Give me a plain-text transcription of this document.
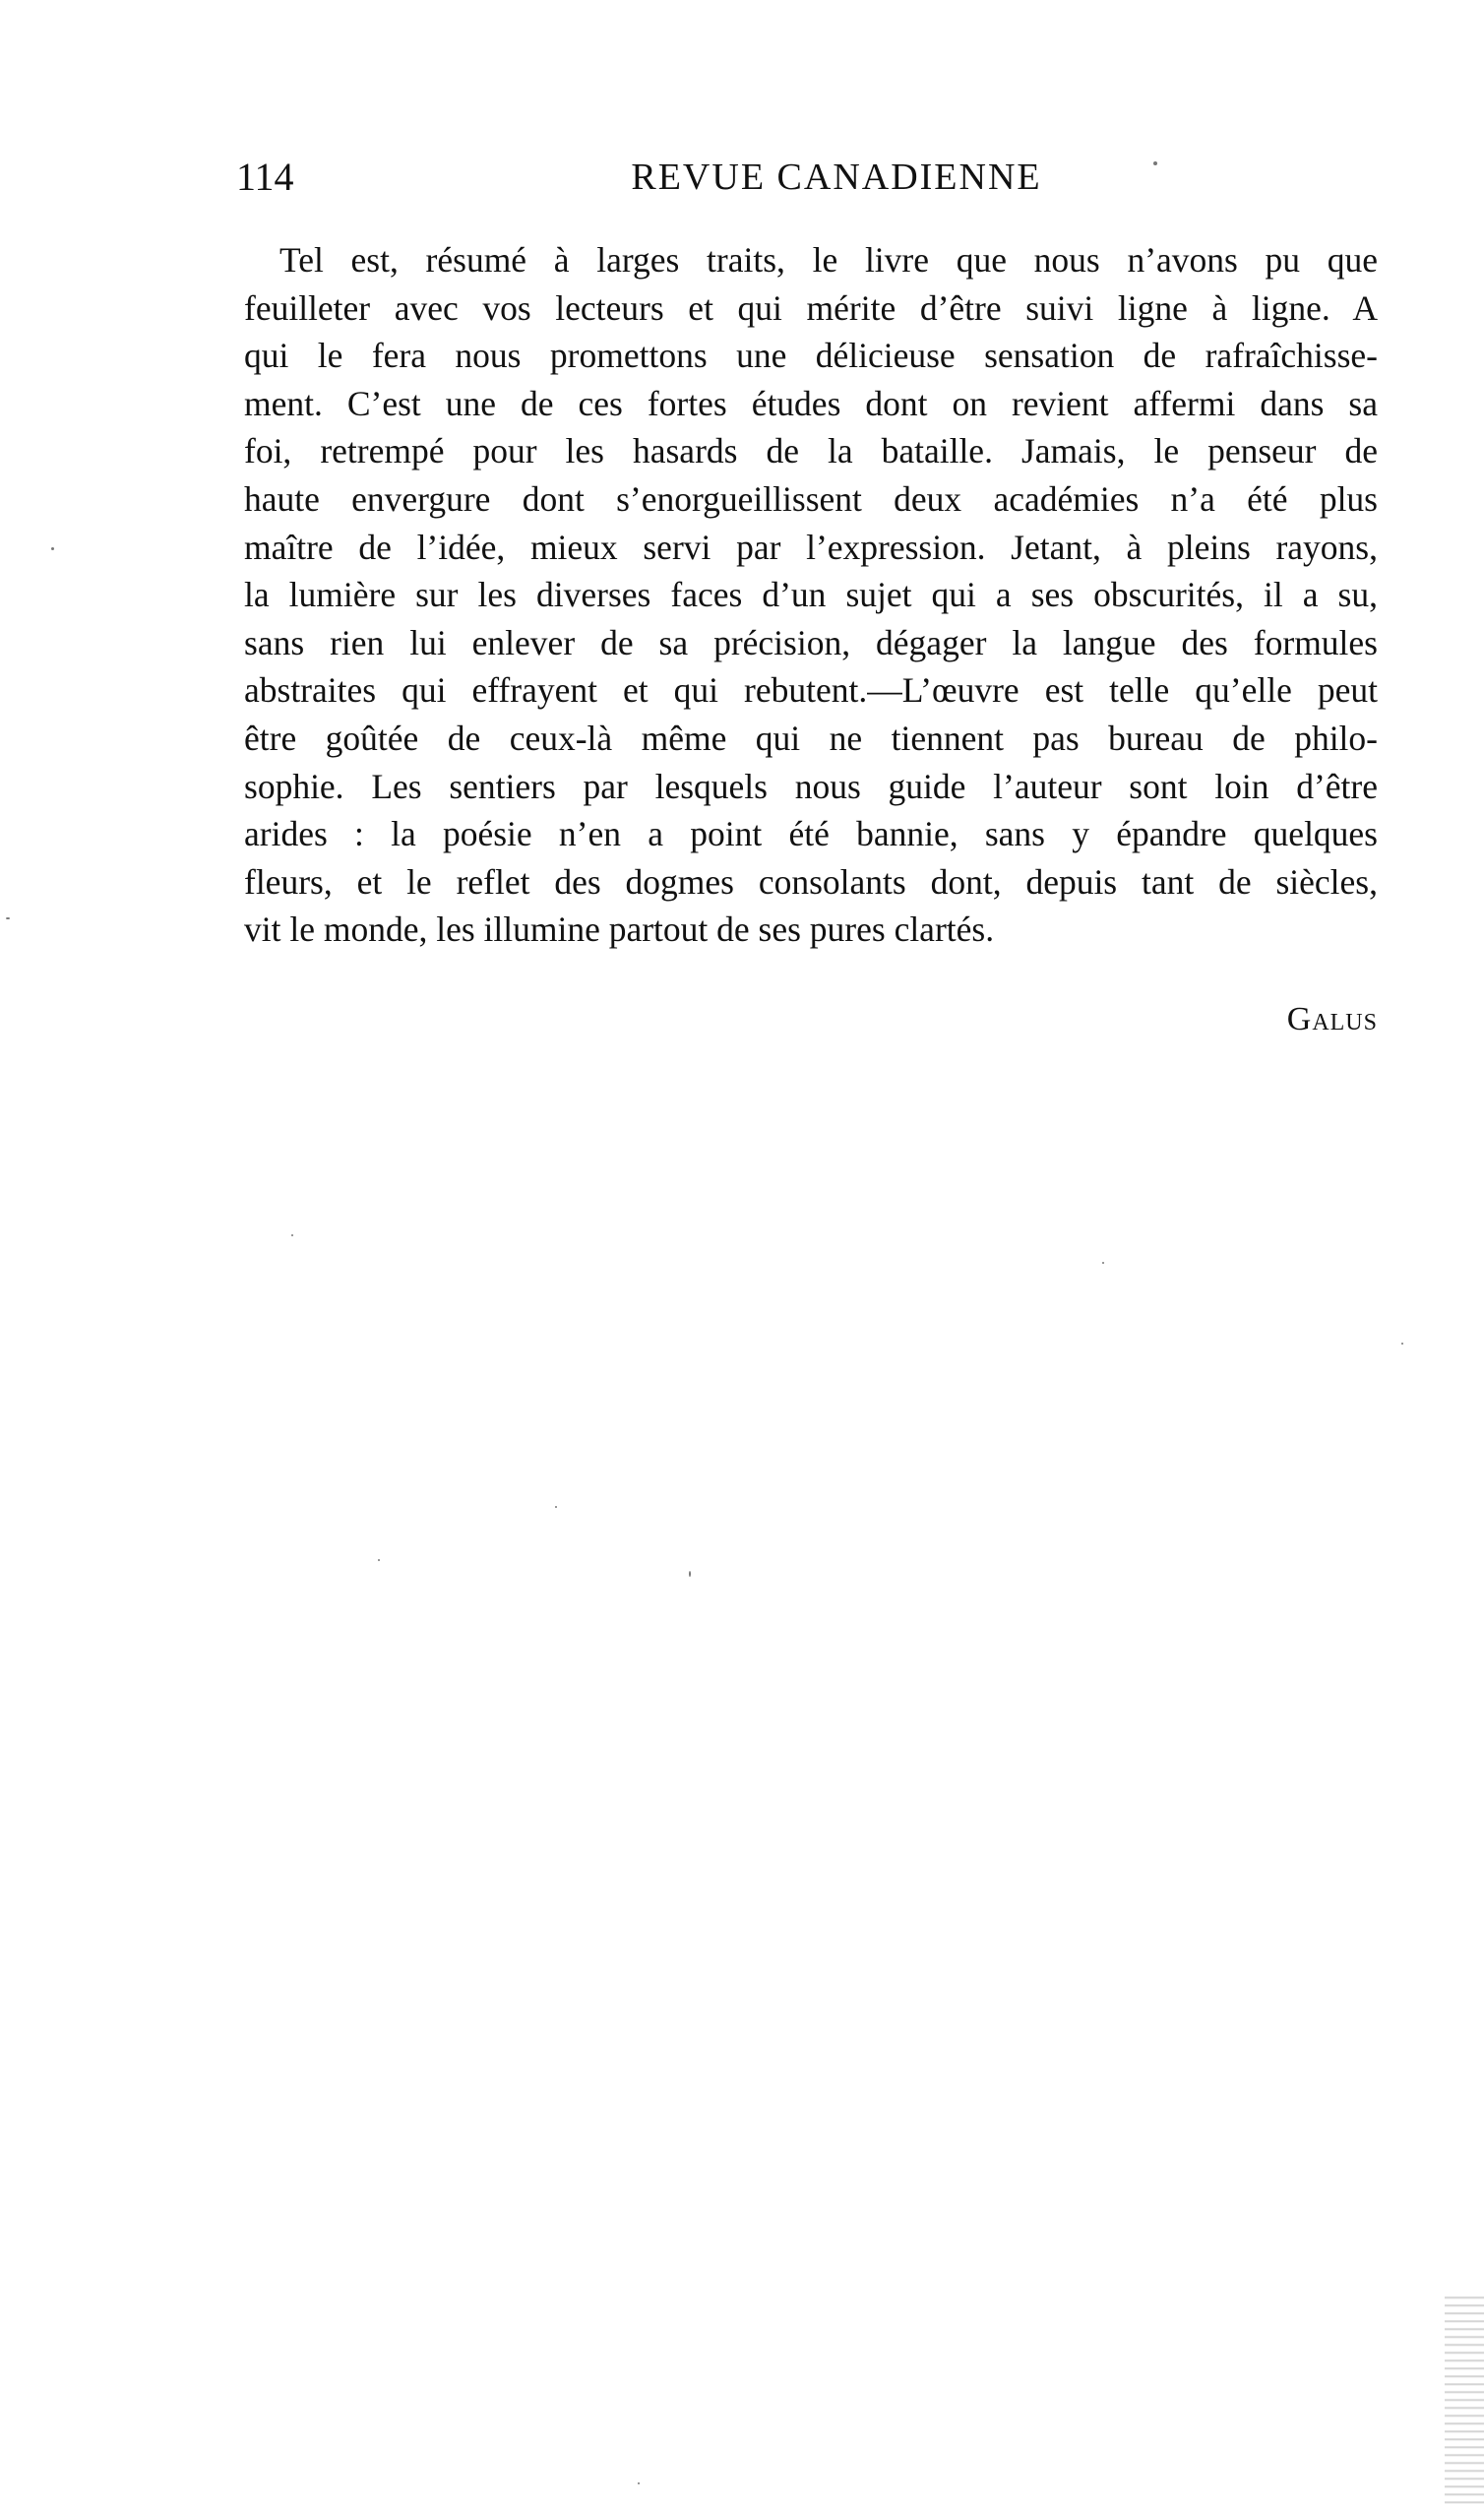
114	REVUE CANADIENNE
Tel est, résumé à larges traits, le livre que nous n’avons pu que
feuilleter avec vos lecteurs et qui mérite d’être suivi ligne à ligne. A
qui le fera nous promettons une délicieuse sensation de rafraîchisse-
ment. C’est une de ces fortes études dont on revient affermi dans sa
foi, retrempé pour les hasards de la bataille. Jamais, le penseur de
haute envergure dont s’enorgueillissent deux académies n’a été plus
maître de l’idée, mieux servi par l’expression. Jetant, à pleins rayons,
la lumière sur les diverses faces d’un sujet qui a ses obscurités, il a su,
sans rien lui enlever de sa précision, dégager la langue des formules
abstraites qui effrayent et qui rebutent.—L’œuvre est telle qu’elle peut
être goûtée de ceux-là même qui ne tiennent pas bureau de philo-
sophie. Les sentiers par lesquels nous guide l’auteur sont loin d’être
arides : la poésie n’en a point été bannie, sans y épandre quelques
fleurs, et le reflet des dogmes consolants dont, depuis tant de siècles,
vit le monde, les illumine partout de ses pures clartés.
Galus
